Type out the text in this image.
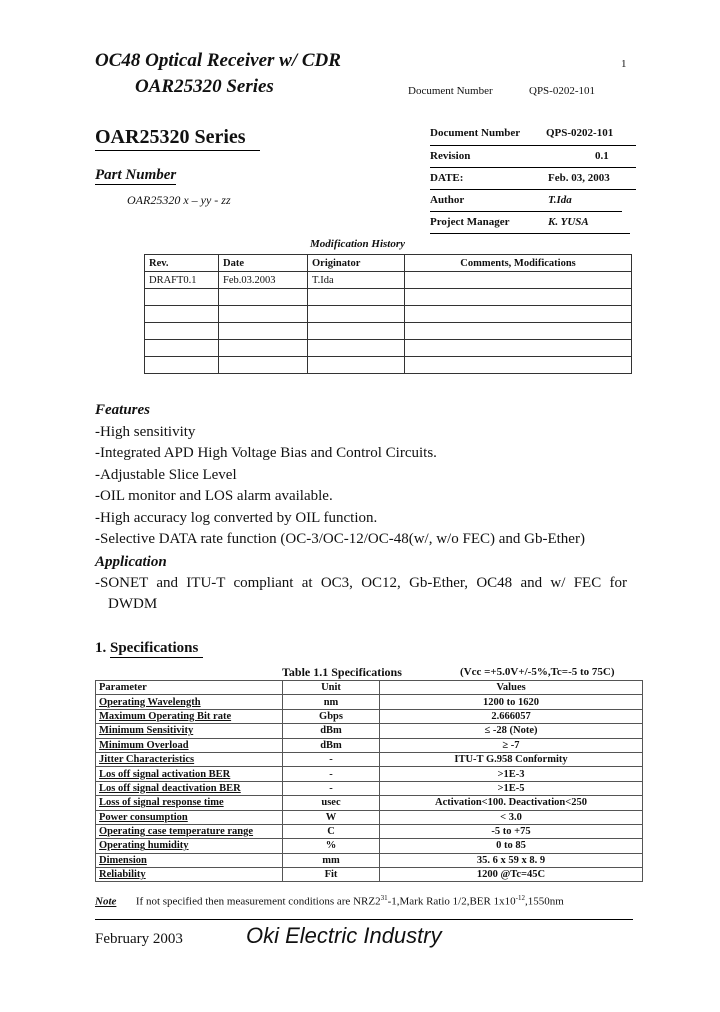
OC48 Optical Receiver w/ CDR
OAR25320 Series
1
Document Number	QPS-0202-101
OAR25320 Series
Part Number
OAR25320 x – yy - zz
Document Number QPS-0202-101
Revision	0.1
DATE:	Feb. 03, 2003
Author	T.Ida
Project Manager	K. YUSA
Modification History
Rev.	Date	Originator	Comments, Modifications
DRAFT0.1	Feb.03.2003	T.Ida	

Features
-High sensitivity
-Integrated APD High Voltage Bias and Control Circuits.
-Adjustable Slice Level
-OIL monitor and LOS alarm available.
-High accuracy log converted by OIL function.
-Selective DATA rate function (OC-3/OC-12/OC-48(w/, w/o FEC) and Gb-Ether)
Application
-SONET and ITU-T compliant at OC3, OC12, Gb-Ether, OC48 and w/ FEC for
DWDM
1. Specifications
Table 1.1 Specifications	(Vcc =+5.0V+/-5%,Tc=-5 to 75C)
Parameter	Unit	Values
Operating Wavelength	nm	1200 to 1620
Maximum Operating Bit rate	Gbps	2.666057
Minimum Sensitivity	dBm	≤ -28 (Note)
Minimum Overload	dBm	≥ -7
Jitter Characteristics	-	ITU-T G.958 Conformity
Los off signal activation BER	-	>1E-3
Los off signal deactivation BER	-	>1E-5
Loss of signal response time	usec	Activation<100. Deactivation<250
Power consumption	W	< 3.0
Operating case temperature range	C	-5 to +75
Operating humidity	%	0 to 85
Dimension	mm	35. 6 x 59 x 8. 9
Reliability	Fit	1200 @Tc=45C
Note If not specified then measurement conditions are $NRZ2^{31}-1,Mark$ Ratio 1/2,BER $1x10^{-12},1550nm$
February 2003	Oki Electric Industry
